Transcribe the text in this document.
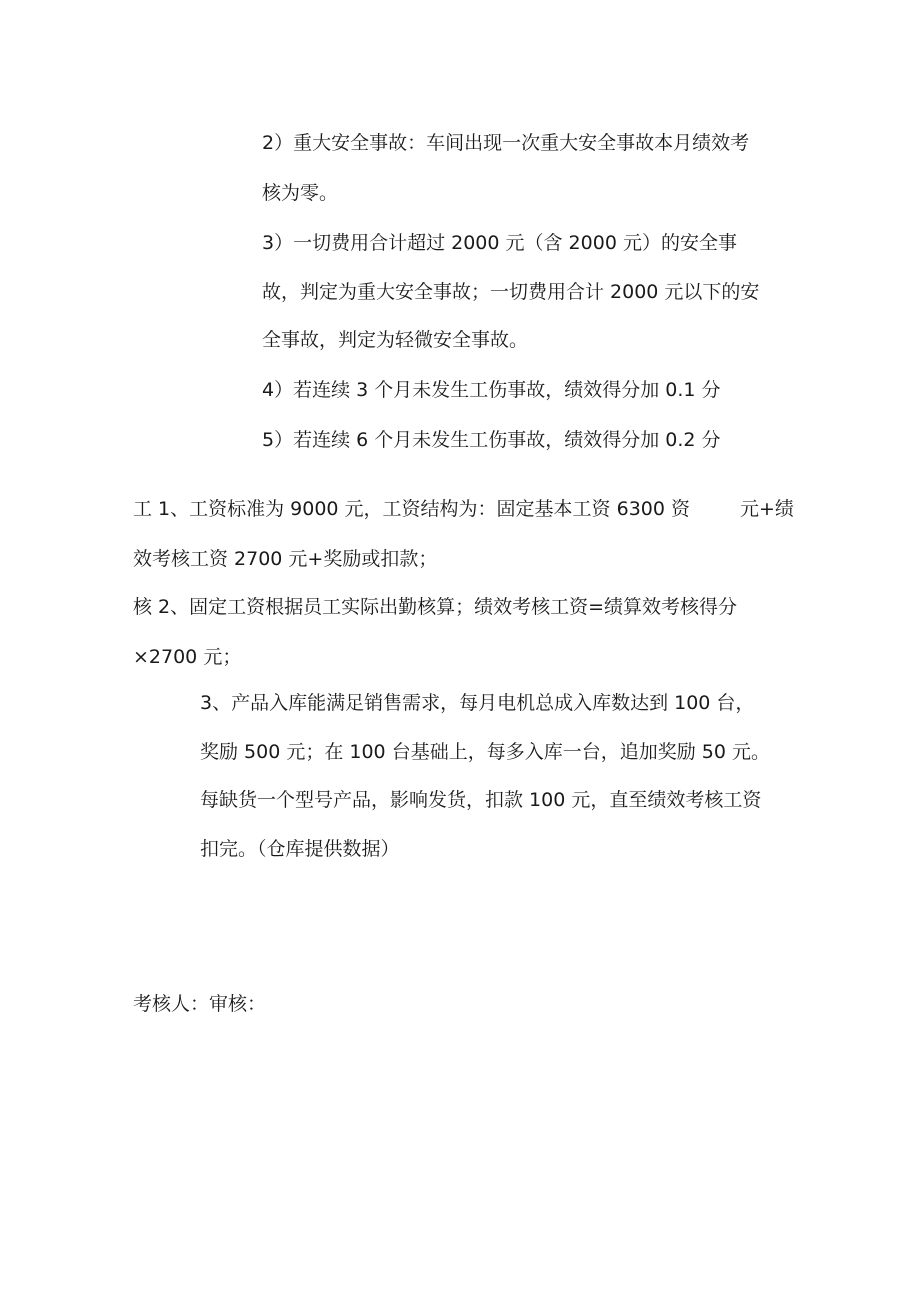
2）重大安全事故：车间出现一次重大安全事故本月绩效考
核为零。
3）一切费用合计超过 2000 元（含 2000 元）的安全事
故，判定为重大安全事故；一切费用合计 2000 元以下的安
全事故，判定为轻微安全事故。
4）若连续 3 个月未发生工伤事故，绩效得分加 0.1 分
5）若连续 6 个月未发生工伤事故，绩效得分加 0.2 分
工 1、工资标准为 9000 元，工资结构为：固定基本工资 6300 资	元+绩
效考核工资 2700 元+奖励或扣款；
核 2、固定工资根据员工实际出勤核算；绩效考核工资=绩算效考核得分
×2700 元；
3、产品入库能满足销售需求，每月电机总成入库数达到 100 台，
奖励 500 元；在 100 台基础上，每多入库一台，追加奖励 50 元。
每缺货一个型号产品，影响发货，扣款 100 元，直至绩效考核工资
扣完。（仓库提供数据）
考核人：审核：
